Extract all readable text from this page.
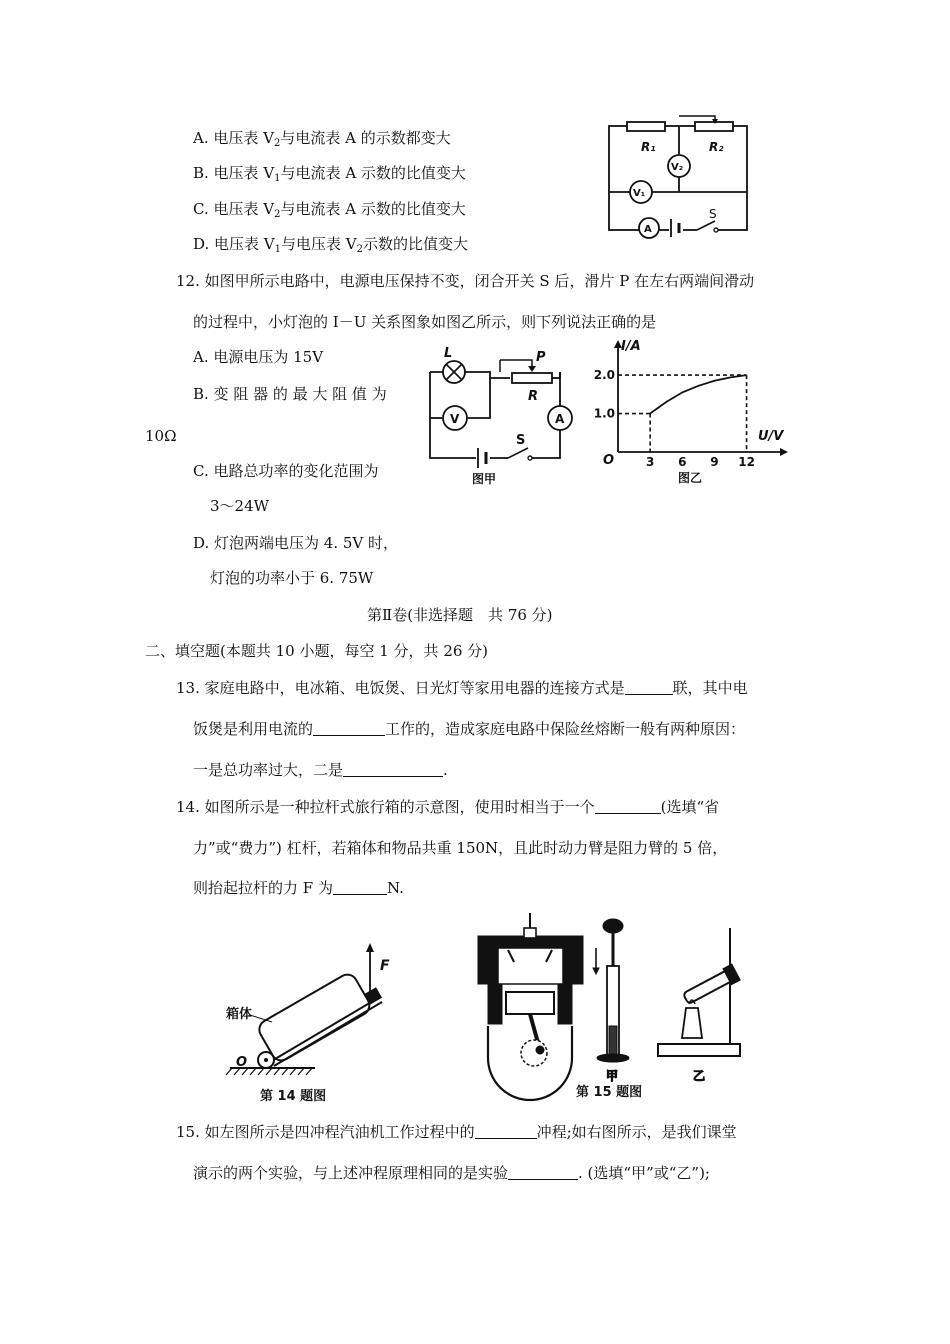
A. 电压表 $V_2$与电流表 A 的示数都变大
B. 电压表 $V_1$与电流表 A 示数的比值变大
C. 电压表 $V_2$与电流表 A 示数的比值变大
D. 电压表 $V_1$与电压表 $V_2$示数的比值变大
R₁	R₂
V₂
V₁
A
S
12. 如图甲所示电路中，电源电压保持不变，闭合开关 S 后，滑片 P 在左右两端间滑动
的过程中，小灯泡的 I－U 关系图象如图乙所示，则下列说法正确的是
A. 电源电压为 15V
B. 变 阻 器 的 最 大 阻 值 为
10Ω
C. 电路总功率的变化范围为
3～24W
D. 灯泡两端电压为 4. 5V 时，
灯泡的功率小于 6. 75W
L	P
R
V	A
S
图甲
3 6 9 12
1.0
2.0
I/A
U/V
O
图乙
第Ⅱ卷(非选择题　共 76 分)
二、填空题(本题共 10 小题，每空 1 分，共 26 分)
13. 家庭电路中，电冰箱、电饭煲、日光灯等家用电器的连接方式是	联，其中电
饭煲是利用电流的	工作的，造成家庭电路中保险丝熔断一般有两种原因：
一是总功率过大，二是	.
14. 如图所示是一种拉杆式旅行箱的示意图，使用时相当于一个	(选填“省
力”或“费力”) 杠杆，若箱体和物品共重 150N，且此时动力臂是阻力臂的 5 倍，
则抬起拉杆的力 F 为	N.
F
箱体
O
第 14 题图
甲	乙
第 15 题图
15. 如左图所示是四冲程汽油机工作过程中的	冲程;如右图所示，是我们课堂
演示的两个实验，与上述冲程原理相同的是实验	. (选填“甲”或“乙”);
